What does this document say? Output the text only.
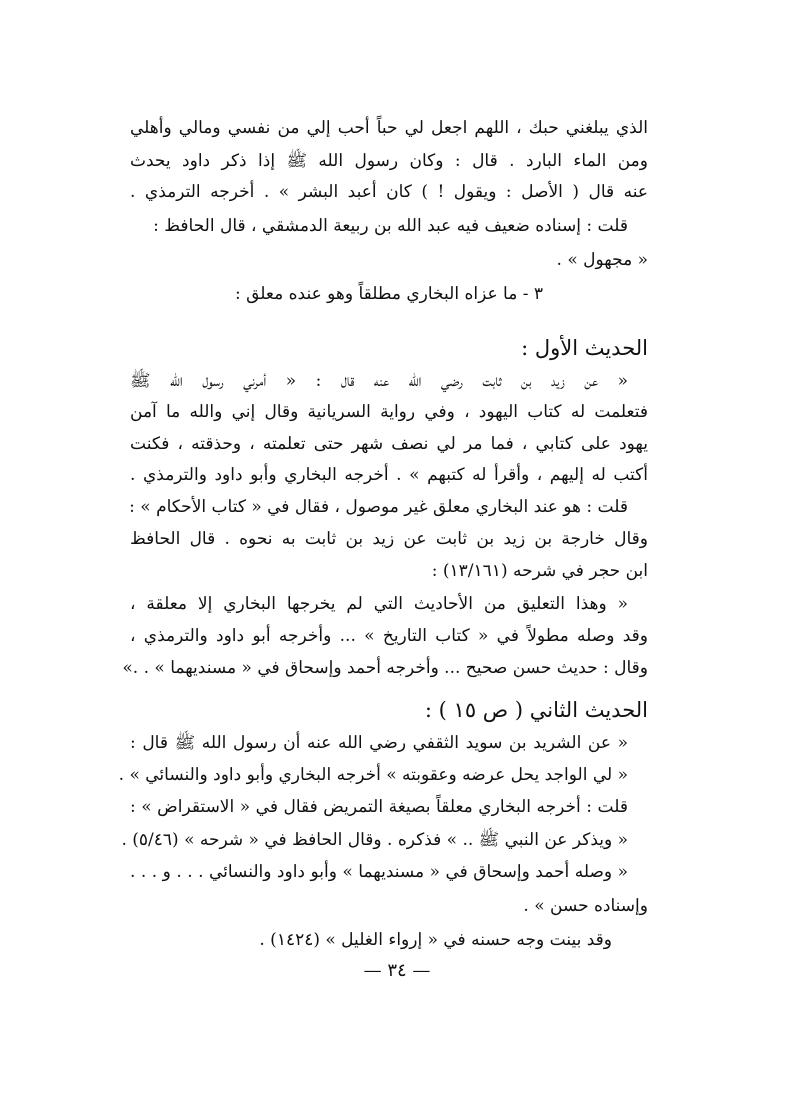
الذي يبلغني حبك ، اللهم اجعل لي حباً أحب إلي من نفسي ومالي وأهلي
ومن الماء البارد . قال : وكان رسول الله ﷺ إذا ذكر داود يحدث
عنه قال ( الأصل : ويقول ! ) كان أعبد البشر » . أخرجه الترمذي .
قلت : إسناده ضعيف فيه عبد الله بن ربيعة الدمشقي ، قال الحافظ :
« مجهول » .
٣ - ما عزاه البخاري مطلقاً وهو عنده معلق :
الحديث الأول :
« عن زيد بن ثابت رضي الله عنه قال : « أمرني رسول الله ﷺ
فتعلمت له كتاب اليهود ، وفي رواية السريانية وقال إني والله ما آمن
يهود على كتابي ، فما مر لي نصف شهر حتى تعلمته ، وحذقته ، فكنت
أكتب له إليهم ، وأقرأ له كتبهم » . أخرجه البخاري وأبو داود والترمذي .
قلت : هو عند البخاري معلق غير موصول ، فقال في « كتاب الأحكام » :
وقال خارجة بن زيد بن ثابت عن زيد بن ثابت به نحوه . قال الحافظ
ابن حجر في شرحه (١٣/١٦١) :
« وهذا التعليق من الأحاديث التي لم يخرجها البخاري إلا معلقة ،
وقد وصله مطولاً في « كتاب التاريخ » ... وأخرجه أبو داود والترمذي ،
وقال : حديث حسن صحيح ... وأخرجه أحمد وإسحاق في « مسنديهما » . .»
الحديث الثاني ( ص ١٥ ) :
« عن الشريد بن سويد الثقفي رضي الله عنه أن رسول الله ﷺ قال :
« لي الواجد يحل عرضه وعقوبته » أخرجه البخاري وأبو داود والنسائي » .
قلت : أخرجه البخاري معلقاً بصيغة التمريض فقال في « الاستقراض » :
« ويذكر عن النبي ﷺ .. » فذكره . وقال الحافظ في « شرحه » (٥/٤٦) .
« وصله أحمد وإسحاق في « مسنديهما » وأبو داود والنسائي . . . و . . .
وإسناده حسن » .
وقد بينت وجه حسنه في « إرواء الغليل » (١٤٢٤) .
— ٣٤ —
